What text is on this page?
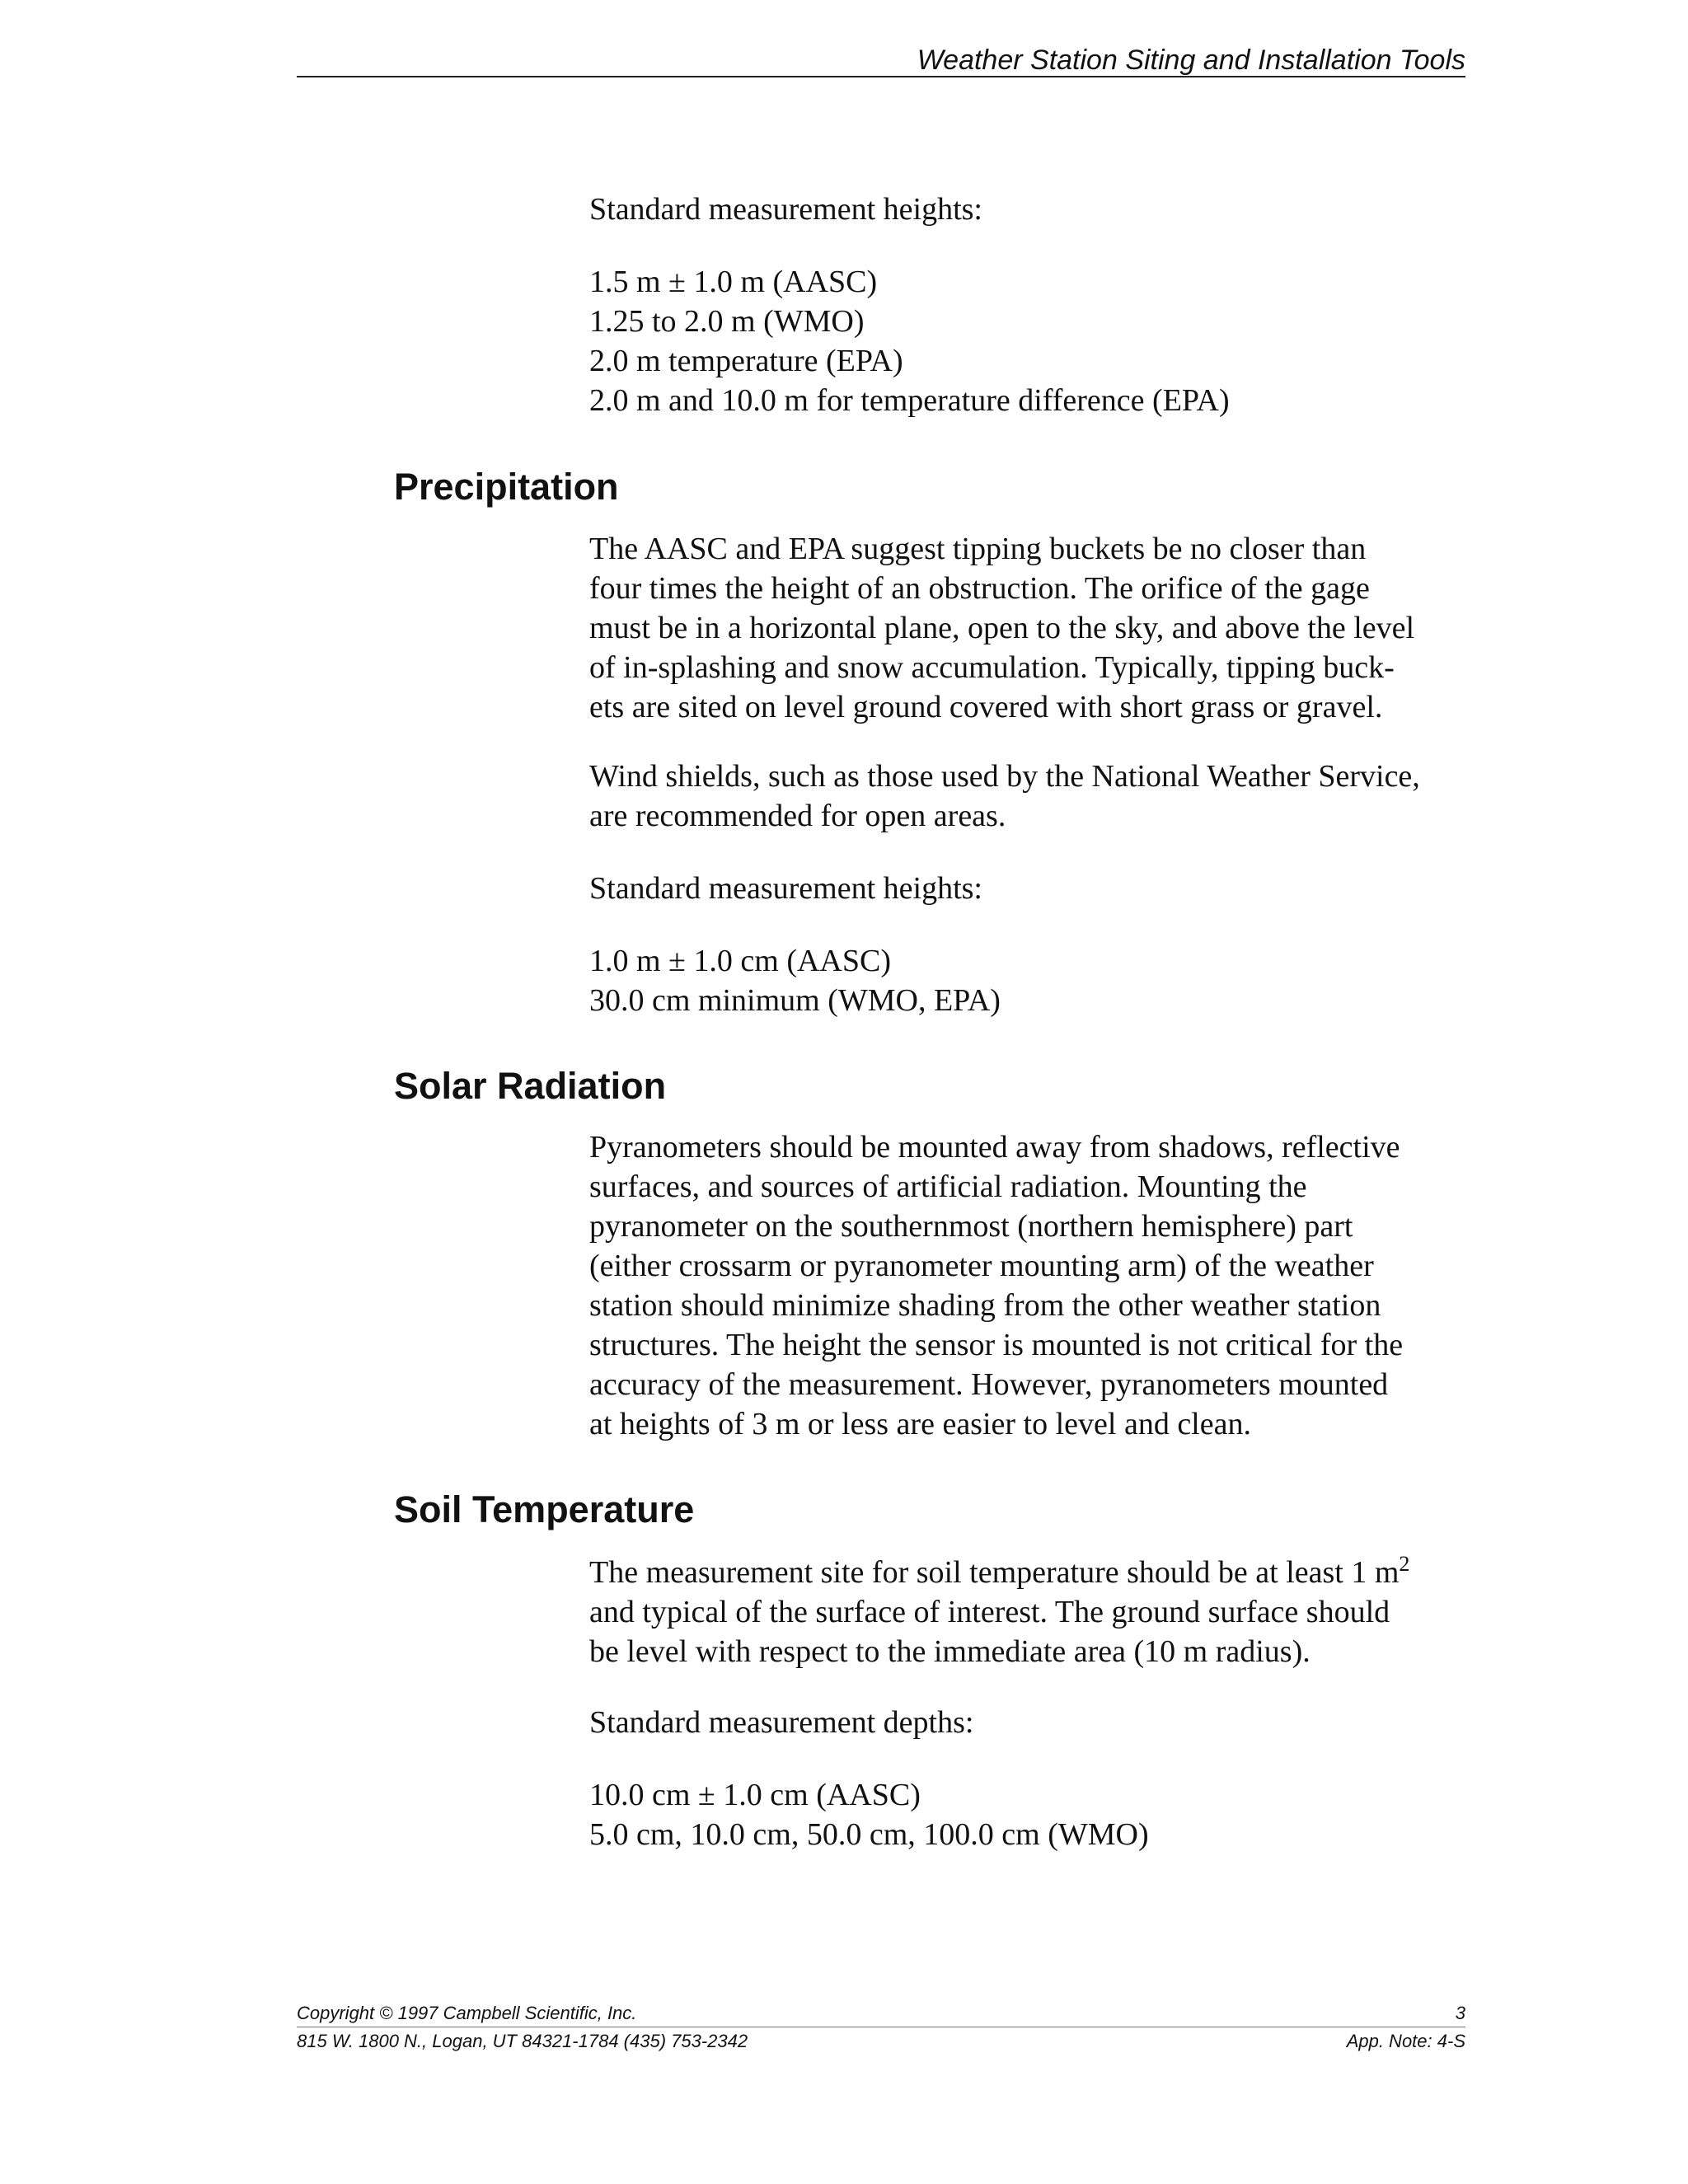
Weather Station Siting and Installation Tools
Standard measurement heights:
1.5 m ± 1.0 m (AASC)
1.25 to 2.0 m (WMO)
2.0 m temperature (EPA)
2.0 m and 10.0 m for temperature difference (EPA)
Precipitation
The AASC and EPA suggest tipping buckets be no closer than
four times the height of an obstruction. The orifice of the gage
must be in a horizontal plane, open to the sky, and above the level
of in-splashing and snow accumulation. Typically, tipping buck-
ets are sited on level ground covered with short grass or gravel.
Wind shields, such as those used by the National Weather Service,
are recommended for open areas.
Standard measurement heights:
1.0 m ± 1.0 cm (AASC)
30.0 cm minimum (WMO, EPA)
Solar Radiation
Pyranometers should be mounted away from shadows, reflective
surfaces, and sources of artificial radiation. Mounting the
pyranometer on the southernmost (northern hemisphere) part
(either crossarm or pyranometer mounting arm) of the weather
station should minimize shading from the other weather station
structures. The height the sensor is mounted is not critical for the
accuracy of the measurement. However, pyranometers mounted
at heights of 3 m or less are easier to level and clean.
Soil Temperature
The measurement site for soil temperature should be at least 1 $m^2$
and typical of the surface of interest. The ground surface should
be level with respect to the immediate area (10 m radius).
Standard measurement depths:
10.0 cm ± 1.0 cm (AASC)
5.0 cm, 10.0 cm, 50.0 cm, 100.0 cm (WMO)
Copyright © 1997 Campbell Scientific, Inc.	3
815 W. 1800 N., Logan, UT 84321-1784 (435) 753-2342	App. Note: 4-S
